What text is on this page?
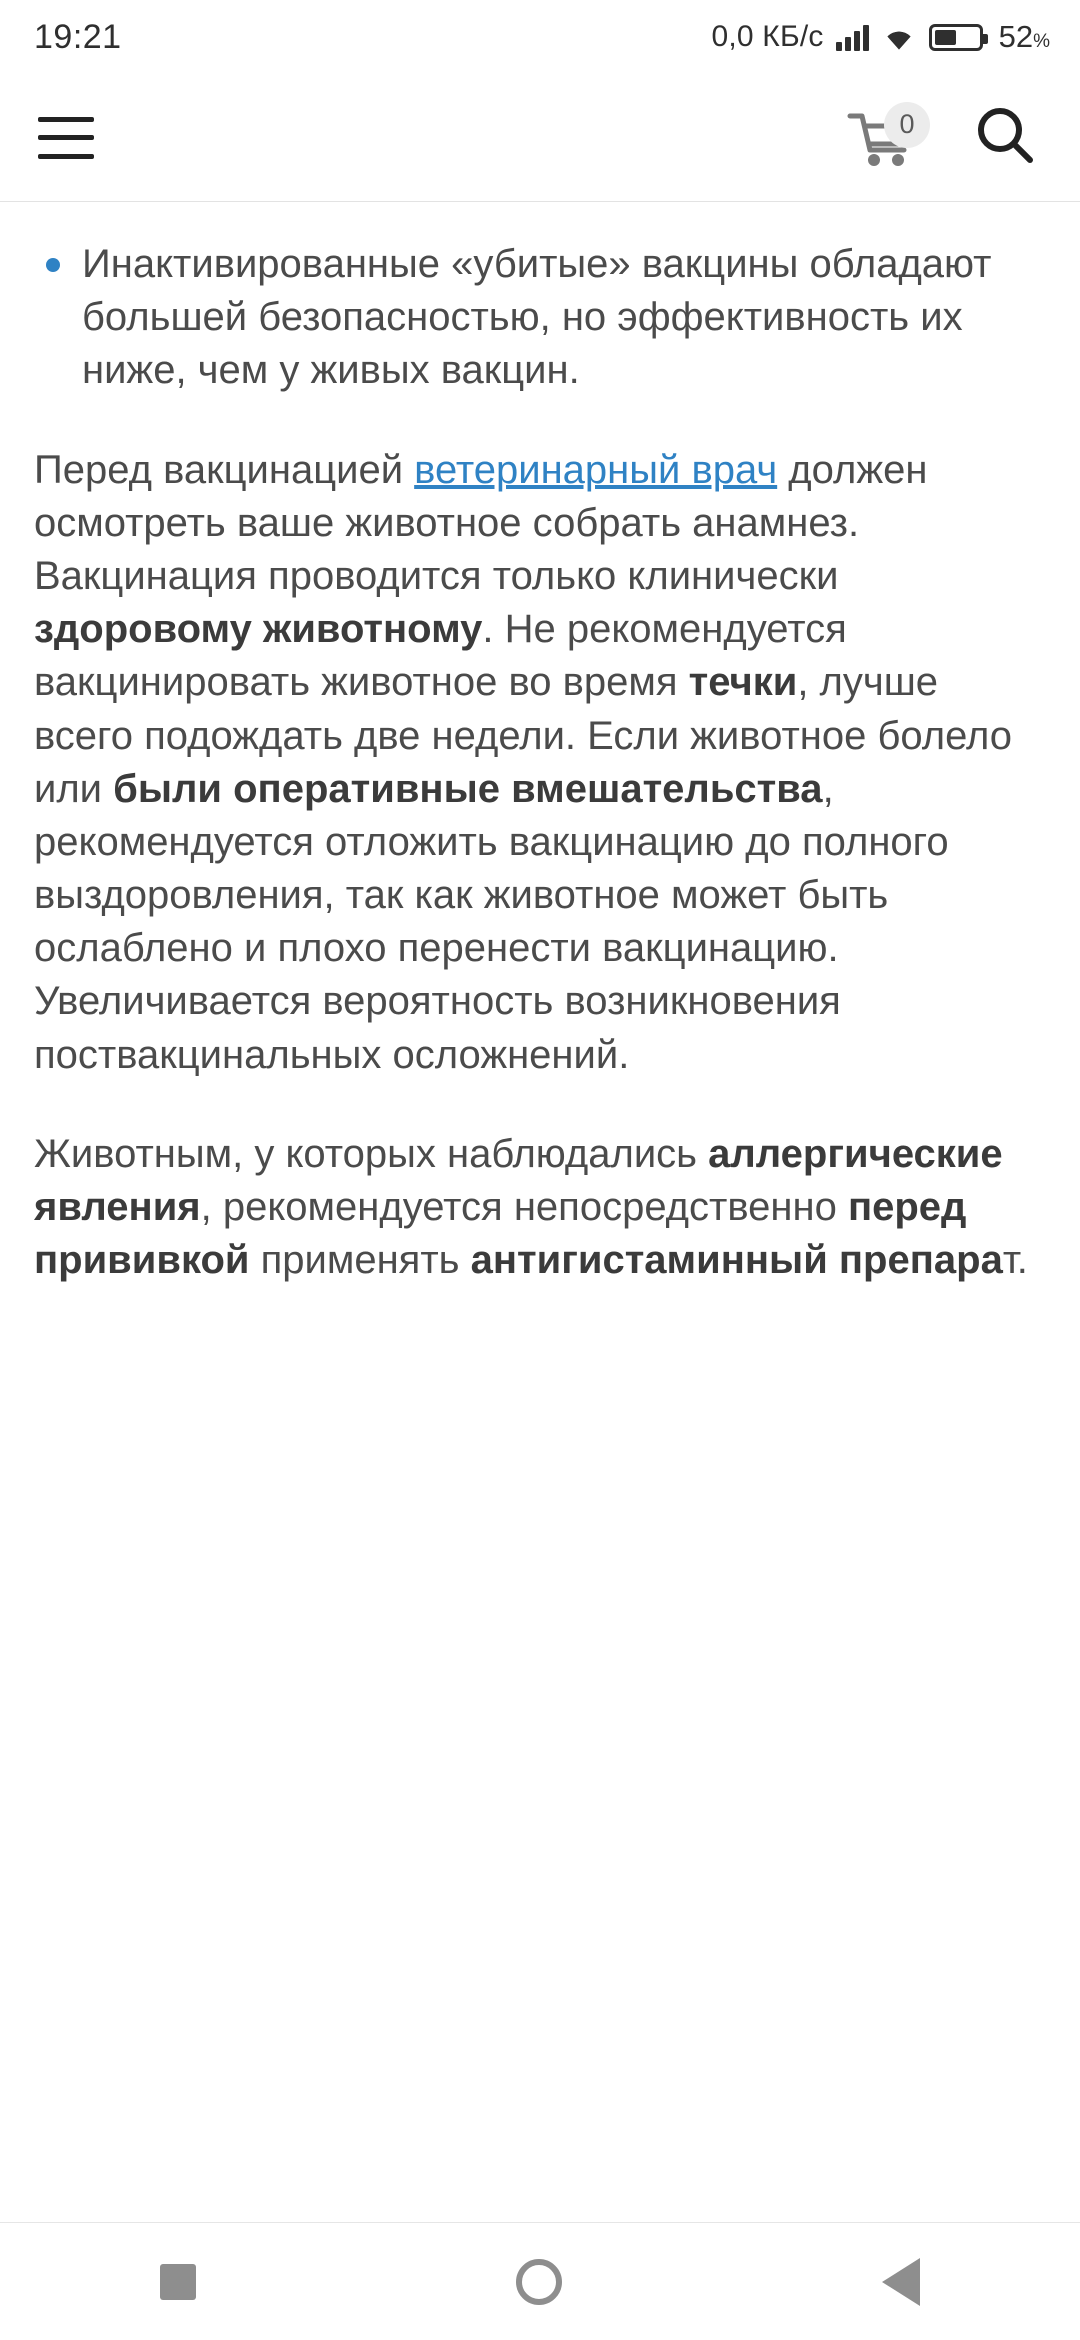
19:21	0,0 КБ/с	52%
0
Инактивированные «убитые» вакцины обладают большей безопасностью, но эффективность их ниже, чем у живых вакцин.

Перед вакцинацией ветеринарный врач должен осмотреть ваше животное собрать анамнез. Вакцинация проводится только клинически здоровому животному. Не рекомендуется вакцинировать животное во время течки, лучше всего подождать две недели. Если животное болело или были оперативные вмешательства, рекомендуется отложить вакцинацию до полного выздоровления, так как животное может быть ослаблено и плохо перенести вакцинацию. Увеличивается вероятность возникновения поствакцинальных осложнений.

Животным, у которых наблюдались аллергические явления, рекомендуется непосредственно перед прививкой применять антигистаминный препарат.
